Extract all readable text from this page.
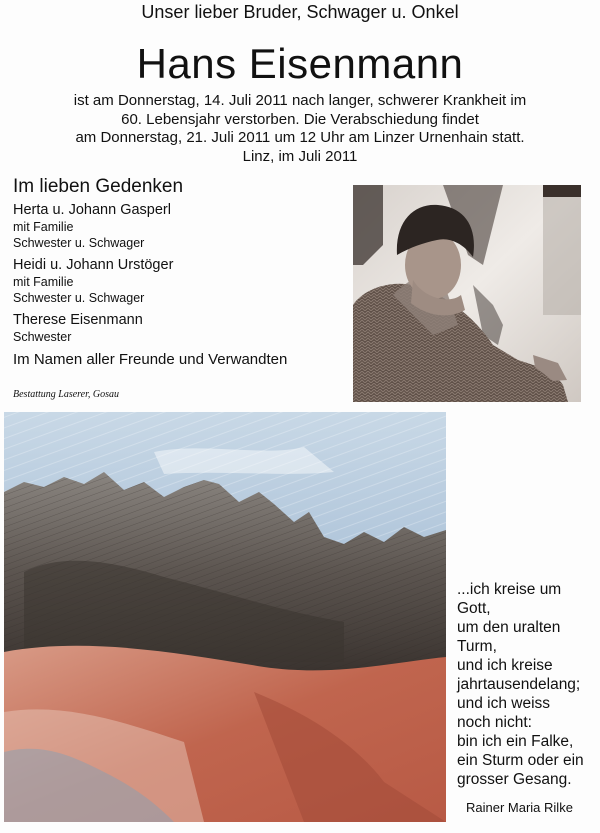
Unser lieber Bruder, Schwager u. Onkel
Hans Eisenmann
ist am Donnerstag, 14. Juli 2011 nach langer, schwerer Krankheit im
60. Lebensjahr verstorben. Die Verabschiedung findet
am Donnerstag, 21. Juli 2011 um 12 Uhr am Linzer Urnenhain statt.
Linz, im Juli 2011
Im lieben Gedenken
Herta u. Johann Gasperl
mit Familie
Schwester u. Schwager
Heidi u. Johann Urstöger
mit Familie
Schwester u. Schwager
Therese Eisenmann
Schwester
Im Namen aller Freunde und Verwandten
Bestattung Laserer, Gosau
...ich kreise um
Gott,
um den uralten
Turm,
und ich kreise
jahrtausendelang;
und ich weiss
noch nicht:
bin ich ein Falke,
ein Sturm oder ein
grosser Gesang.
Rainer Maria Rilke
